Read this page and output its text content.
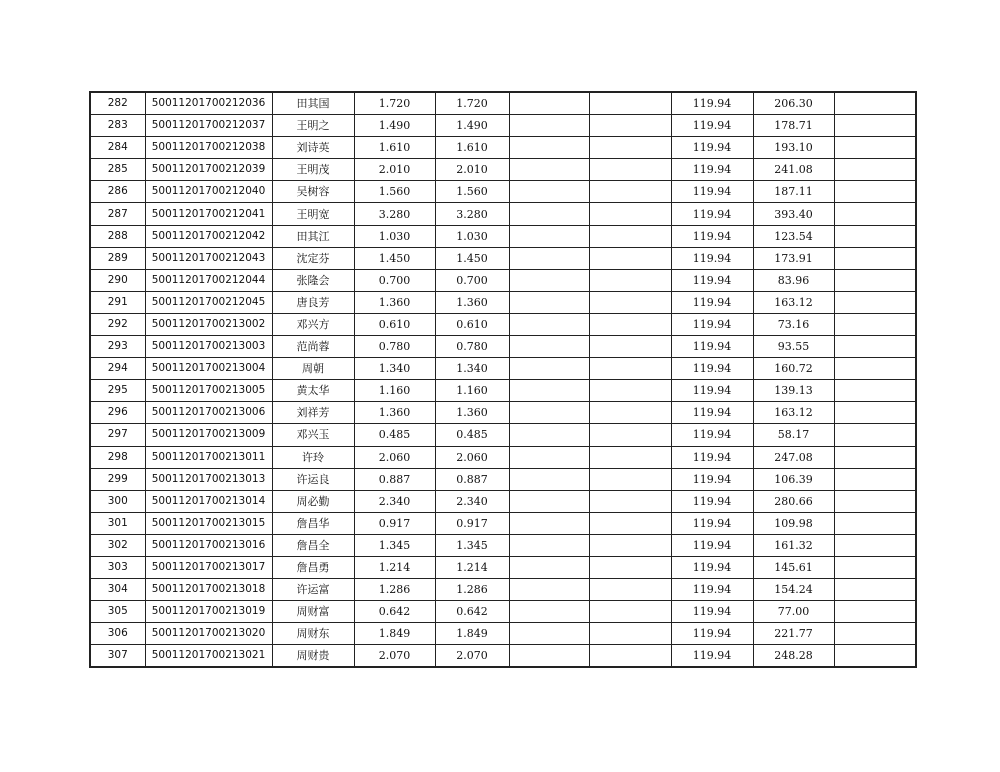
282	50011201700212036	田其国	1.720	1.720			119.94	206.30	
283	50011201700212037	王明之	1.490	1.490			119.94	178.71	
284	50011201700212038	刘诗英	1.610	1.610			119.94	193.10	
285	50011201700212039	王明茂	2.010	2.010			119.94	241.08	
286	50011201700212040	吴树容	1.560	1.560			119.94	187.11	
287	50011201700212041	王明宽	3.280	3.280			119.94	393.40	
288	50011201700212042	田其江	1.030	1.030			119.94	123.54	
289	50011201700212043	沈定芬	1.450	1.450			119.94	173.91	
290	50011201700212044	张隆会	0.700	0.700			119.94	83.96	
291	50011201700212045	唐良芳	1.360	1.360			119.94	163.12	
292	50011201700213002	邓兴方	0.610	0.610			119.94	73.16	
293	50011201700213003	范尚蓉	0.780	0.780			119.94	93.55	
294	50011201700213004	周朝	1.340	1.340			119.94	160.72	
295	50011201700213005	黄太华	1.160	1.160			119.94	139.13	
296	50011201700213006	刘祥芳	1.360	1.360			119.94	163.12	
297	50011201700213009	邓兴玉	0.485	0.485			119.94	58.17	
298	50011201700213011	许玲	2.060	2.060			119.94	247.08	
299	50011201700213013	许运良	0.887	0.887			119.94	106.39	
300	50011201700213014	周必勤	2.340	2.340			119.94	280.66	
301	50011201700213015	詹昌华	0.917	0.917			119.94	109.98	
302	50011201700213016	詹昌全	1.345	1.345			119.94	161.32	
303	50011201700213017	詹昌勇	1.214	1.214			119.94	145.61	
304	50011201700213018	许运富	1.286	1.286			119.94	154.24	
305	50011201700213019	周财富	0.642	0.642			119.94	77.00	
306	50011201700213020	周财东	1.849	1.849			119.94	221.77	
307	50011201700213021	周财贵	2.070	2.070			119.94	248.28	
